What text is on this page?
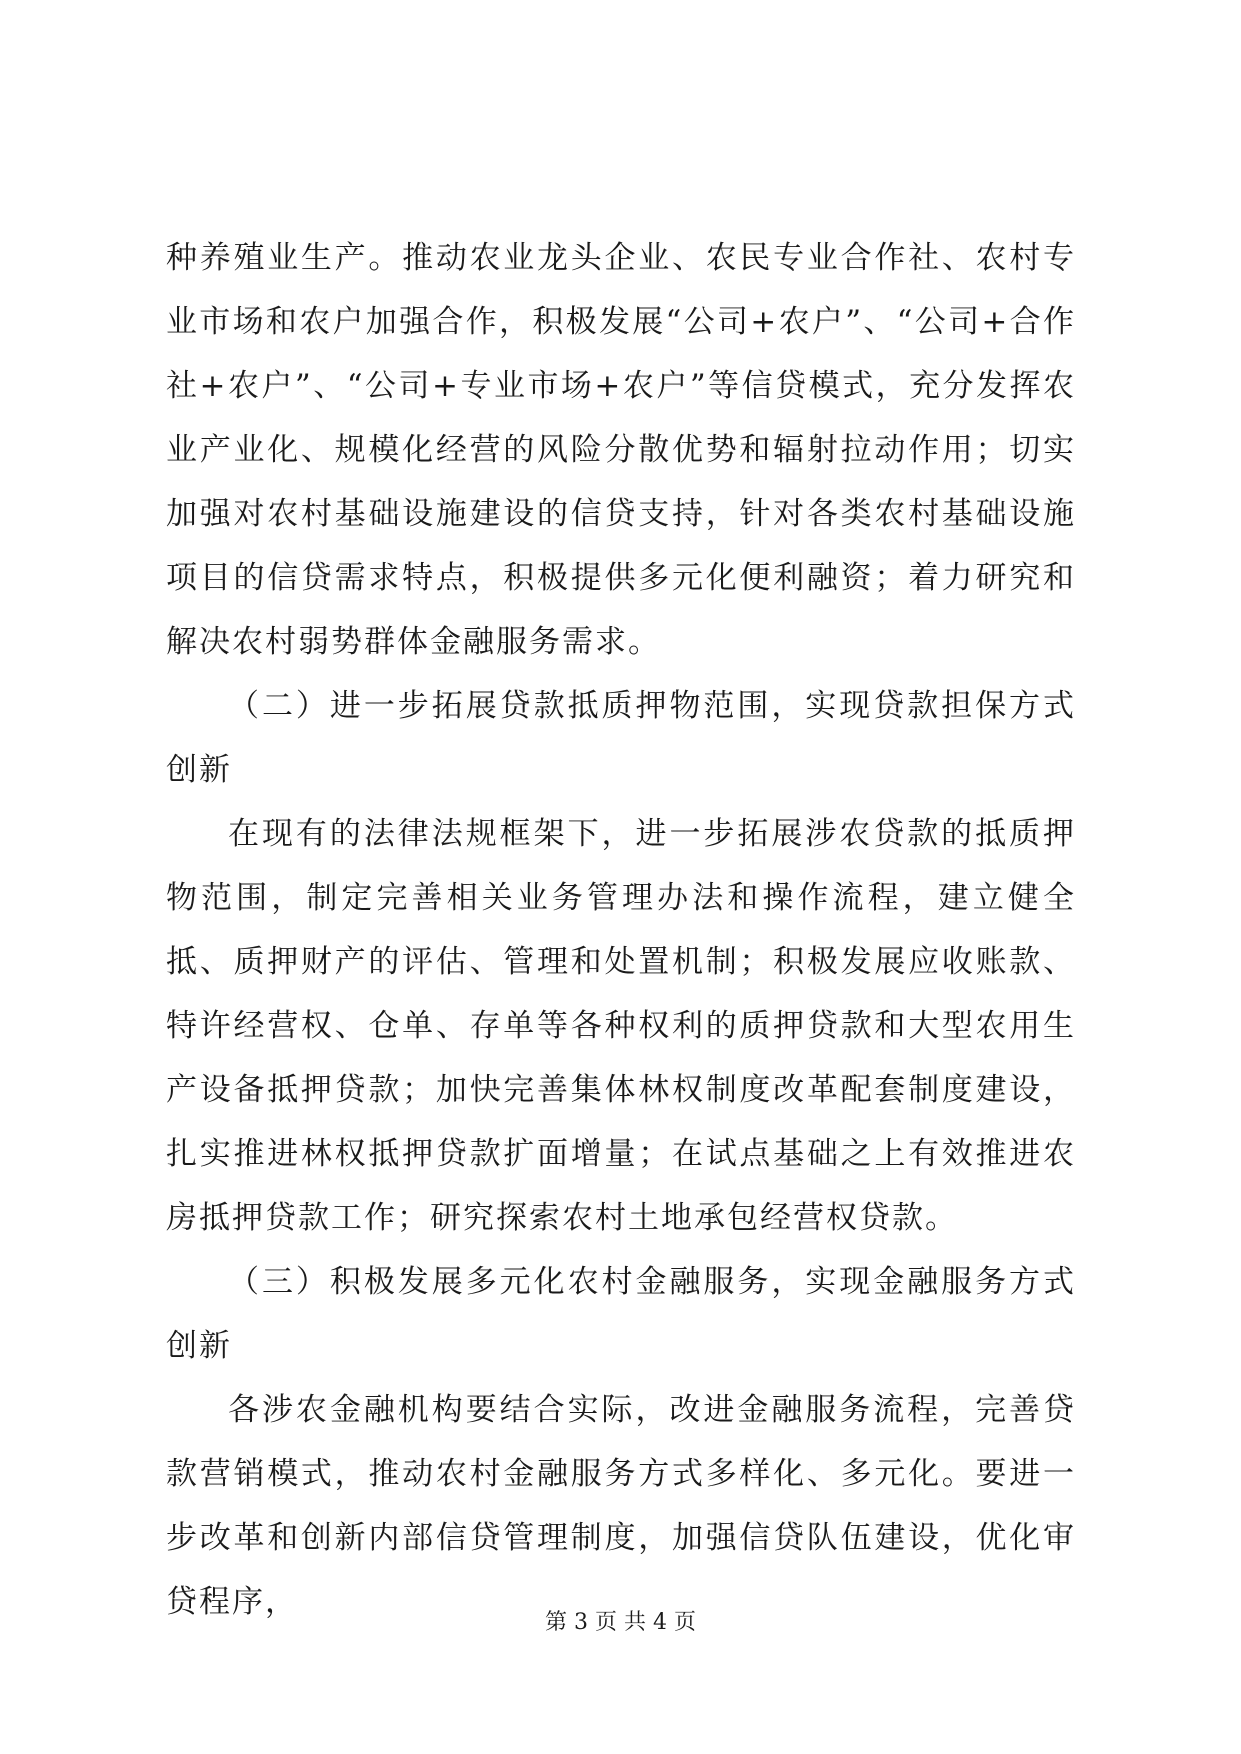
种养殖业生产。推动农业龙头企业、农民专业合作社、农村专业市场和农户加强合作，积极发展“公司+农户”、“公司+合作社+农户”、“公司+专业市场+农户”等信贷模式，充分发挥农业产业化、规模化经营的风险分散优势和辐射拉动作用；切实加强对农村基础设施建设的信贷支持，针对各类农村基础设施项目的信贷需求特点，积极提供多元化便利融资；着力研究和解决农村弱势群体金融服务需求。

（二）进一步拓展贷款抵质押物范围，实现贷款担保方式创新

在现有的法律法规框架下，进一步拓展涉农贷款的抵质押物范围，制定完善相关业务管理办法和操作流程，建立健全抵、质押财产的评估、管理和处置机制；积极发展应收账款、特许经营权、仓单、存单等各种权利的质押贷款和大型农用生产设备抵押贷款；加快完善集体林权制度改革配套制度建设，扎实推进林权抵押贷款扩面增量；在试点基础之上有效推进农房抵押贷款工作；研究探索农村土地承包经营权贷款。

（三）积极发展多元化农村金融服务，实现金融服务方式创新

各涉农金融机构要结合实际，改进金融服务流程，完善贷款营销模式，推动农村金融服务方式多样化、多元化。要进一步改革和创新内部信贷管理制度，加强信贷队伍建设，优化审贷程序，

第 3 页 共 4 页
